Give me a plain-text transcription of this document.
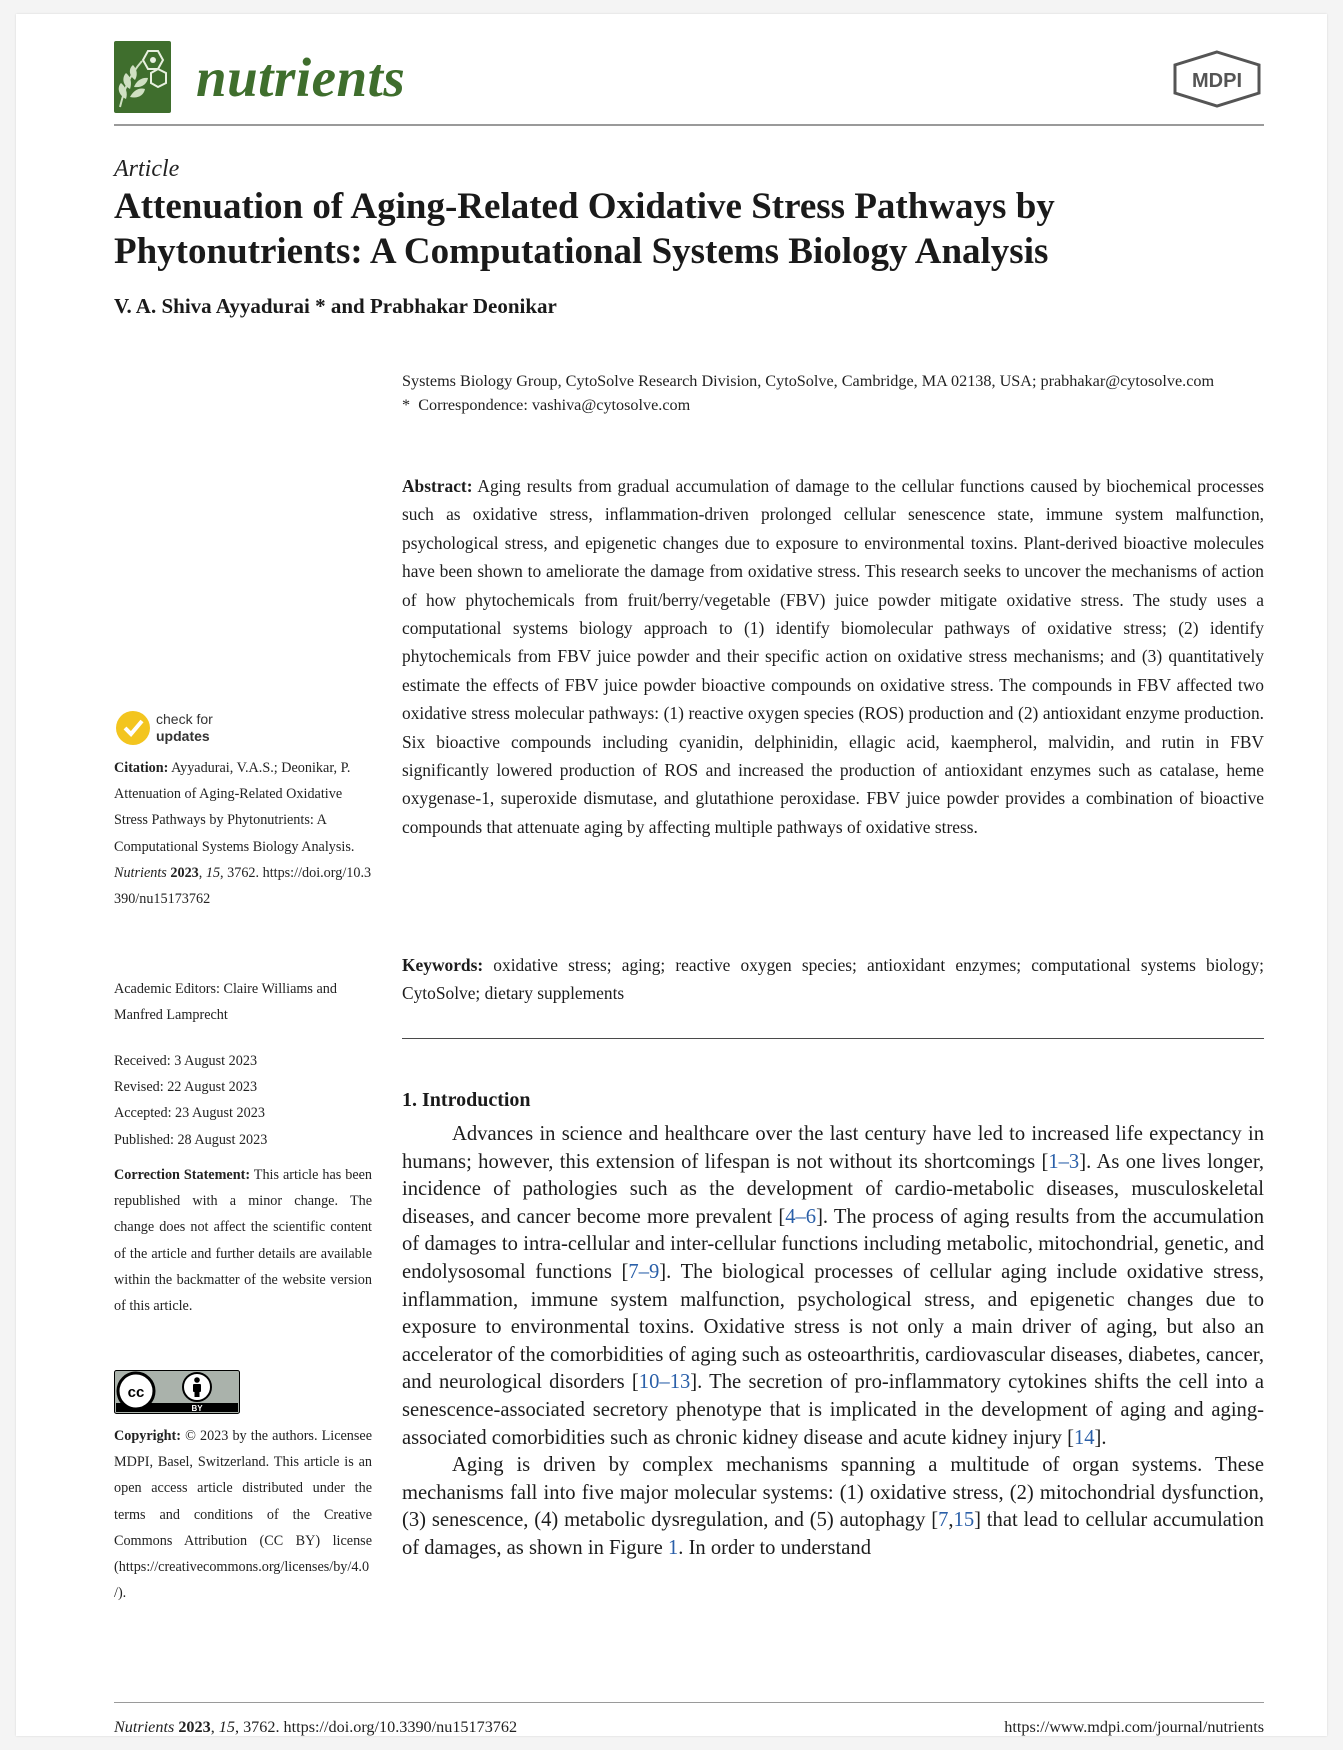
nutrients	MDPI
Article
Attenuation of Aging-Related Oxidative Stress Pathways by Phytonutrients: A Computational Systems Biology Analysis
V. A. Shiva Ayyadurai * and Prabhakar Deonikar
Systems Biology Group, CytoSolve Research Division, CytoSolve, Cambridge, MA 02138, USA; prabhakar@cytosolve.com
* Correspondence: vashiva@cytosolve.com
Abstract: Aging results from gradual accumulation of damage to the cellular functions caused by biochemical processes such as oxidative stress, inflammation-driven prolonged cellular senescence state, immune system malfunction, psychological stress, and epigenetic changes due to exposure to environmental toxins. Plant-derived bioactive molecules have been shown to ameliorate the damage from oxidative stress. This research seeks to uncover the mechanisms of action of how phytochemicals from fruit/berry/vegetable (FBV) juice powder mitigate oxidative stress. The study uses a computational systems biology approach to (1) identify biomolecular pathways of oxidative stress; (2) identify phytochemicals from FBV juice powder and their specific action on oxidative stress mechanisms; and (3) quantitatively estimate the effects of FBV juice powder bioactive compounds on oxidative stress. The compounds in FBV affected two oxidative stress molecular pathways: (1) reactive oxygen species (ROS) production and (2) antioxidant enzyme production. Six bioactive compounds including cyanidin, delphinidin, ellagic acid, kaempherol, malvidin, and rutin in FBV significantly lowered production of ROS and increased the production of antioxidant enzymes such as catalase, heme oxygenase-1, superoxide dismutase, and glutathione peroxidase. FBV juice powder provides a combination of bioactive compounds that attenuate aging by affecting multiple pathways of oxidative stress.
Keywords: oxidative stress; aging; reactive oxygen species; antioxidant enzymes; computational systems biology; CytoSolve; dietary supplements
1. Introduction

Advances in science and healthcare over the last century have led to increased life expectancy in humans; however, this extension of lifespan is not without its shortcomings [1–3]. As one lives longer, incidence of pathologies such as the development of cardio-metabolic diseases, musculoskeletal diseases, and cancer become more prevalent [4–6]. The process of aging results from the accumulation of damages to intra-cellular and inter-cellular functions including metabolic, mitochondrial, genetic, and endolysosomal functions [7–9]. The biological processes of cellular aging include oxidative stress, inflammation, immune system malfunction, psychological stress, and epigenetic changes due to exposure to environmental toxins. Oxidative stress is not only a main driver of aging, but also an accelerator of the comorbidities of aging such as osteoarthritis, cardiovascular diseases, diabetes, cancer, and neurological disorders [10–13]. The secretion of pro-inflammatory cytokines shifts the cell into a senescence-associated secretory phenotype that is implicated in the development of aging and aging-associated comorbidities such as chronic kidney disease and acute kidney injury [14].

Aging is driven by complex mechanisms spanning a multitude of organ systems. These mechanisms fall into five major molecular systems: (1) oxidative stress, (2) mitochondrial dysfunction, (3) senescence, (4) metabolic dysregulation, and (5) autophagy [7,15] that lead to cellular accumulation of damages, as shown in Figure 1. In order to understand

check for
updates
Citation: Ayyadurai, V.A.S.; Deonikar, P. Attenuation of Aging-Related Oxidative Stress Pathways by Phytonutrients: A Computational Systems Biology Analysis. Nutrients 2023, 15, 3762. https://doi.org/10.3390/nu15173762
Academic Editors: Claire Williams and Manfred Lamprecht
Received: 3 August 2023
Revised: 22 August 2023
Accepted: 23 August 2023
Published: 28 August 2023
Correction Statement: This article has been republished with a minor change. The change does not affect the scientific content of the article and further details are available within the backmatter of the website version of this article.
cc
BY
Copyright: © 2023 by the authors. Licensee MDPI, Basel, Switzerland. This article is an open access article distributed under the terms and conditions of the Creative Commons Attribution (CC BY) license (https://creativecommons.org/licenses/by/4.0/).
Nutrients 2023, 15, 3762. https://doi.org/10.3390/nu15173762	https://www.mdpi.com/journal/nutrients
